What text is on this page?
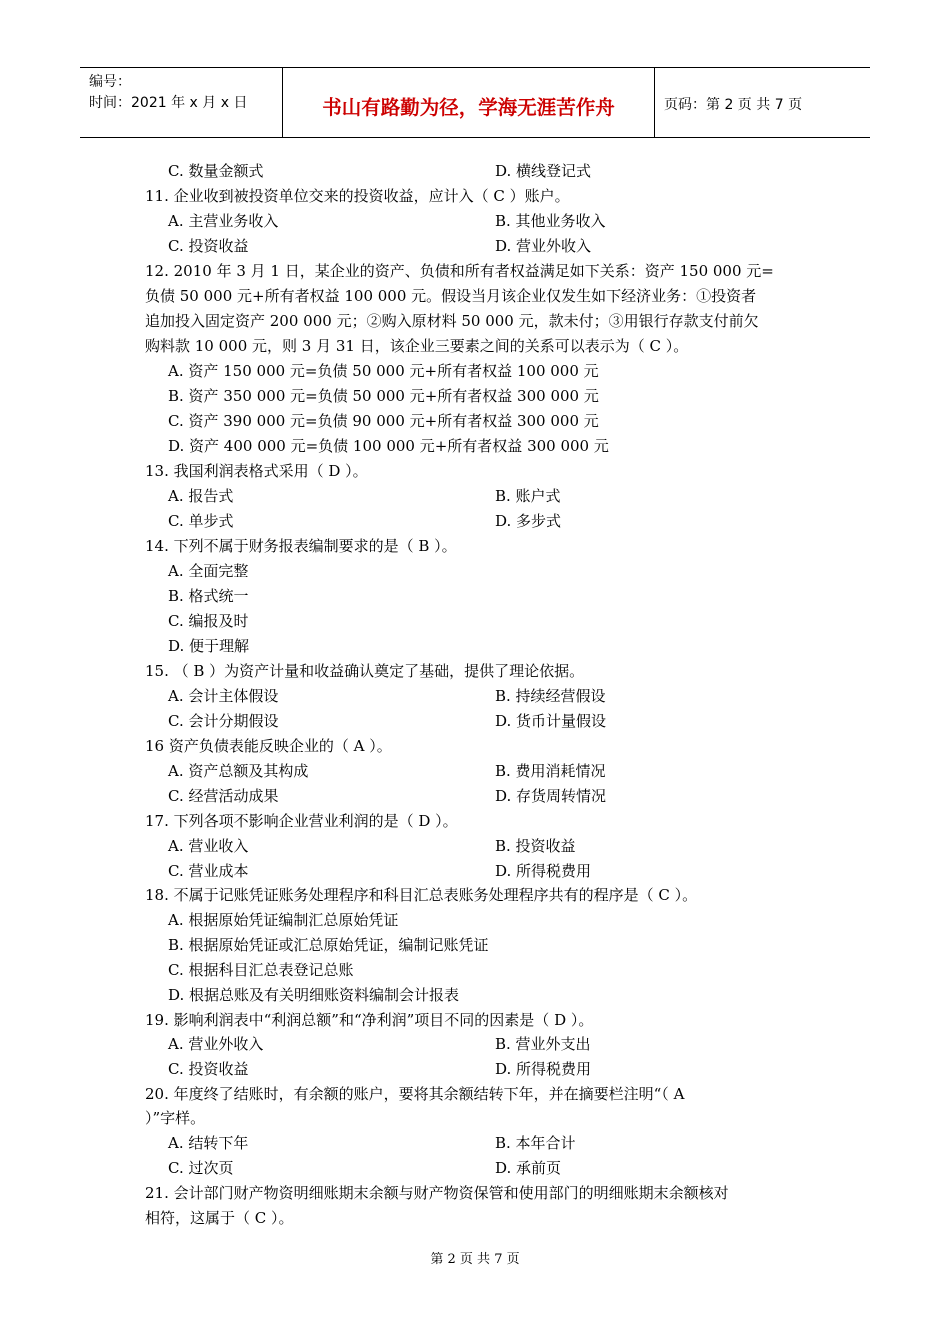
编号：
时间：2021 年 x 月 x 日	书山有路勤为径，学海无涯苦作舟	页码：第 2 页 共 7 页
C. 数量金额式	D. 横线登记式
11. 企业收到被投资单位交来的投资收益，应计入（ C ）账户。
A. 主营业务收入	B. 其他业务收入
C. 投资收益	D. 营业外收入
12. 2010 年 3 月 1 日，某企业的资产、负债和所有者权益满足如下关系：资产 150 000 元=
负债 50 000 元+所有者权益 100 000 元。假设当月该企业仅发生如下经济业务：①投资者
追加投入固定资产 200 000 元；②购入原材料 50 000 元，款未付；③用银行存款支付前欠
购料款 10 000 元，则 3 月 31 日，该企业三要素之间的关系可以表示为（ C ）。
A. 资产 150 000 元=负债 50 000 元+所有者权益 100 000 元
B. 资产 350 000 元=负债 50 000 元+所有者权益 300 000 元
C. 资产 390 000 元=负债 90 000 元+所有者权益 300 000 元
D. 资产 400 000 元=负债 100 000 元+所有者权益 300 000 元
13. 我国利润表格式采用（ D ）。
A. 报告式	B. 账户式
C. 单步式	D. 多步式
14. 下列不属于财务报表编制要求的是（ B ）。
A. 全面完整
B. 格式统一
C. 编报及时
D. 便于理解
15. （ B ）为资产计量和收益确认奠定了基础，提供了理论依据。
A. 会计主体假设	B. 持续经营假设
C. 会计分期假设	D. 货币计量假设
16 资产负债表能反映企业的（ A ）。
A. 资产总额及其构成	B. 费用消耗情况
C. 经营活动成果	D. 存货周转情况
17. 下列各项不影响企业营业利润的是（ D ）。
A. 营业收入	B. 投资收益
C. 营业成本	D. 所得税费用
18. 不属于记账凭证账务处理程序和科目汇总表账务处理程序共有的程序是（ C ）。
A. 根据原始凭证编制汇总原始凭证
B. 根据原始凭证或汇总原始凭证，编制记账凭证
C. 根据科目汇总表登记总账
D. 根据总账及有关明细账资料编制会计报表
19. 影响利润表中“利润总额”和“净利润”项目不同的因素是（ D ）。
A. 营业外收入	B. 营业外支出
C. 投资收益	D. 所得税费用
20. 年度终了结账时，有余额的账户，要将其余额结转下年，并在摘要栏注明“（ A
）”字样。
A. 结转下年	B. 本年合计
C. 过次页	D. 承前页
21. 会计部门财产物资明细账期末余额与财产物资保管和使用部门的明细账期末余额核对
相符，这属于（ C ）。
第 2 页 共 7 页
